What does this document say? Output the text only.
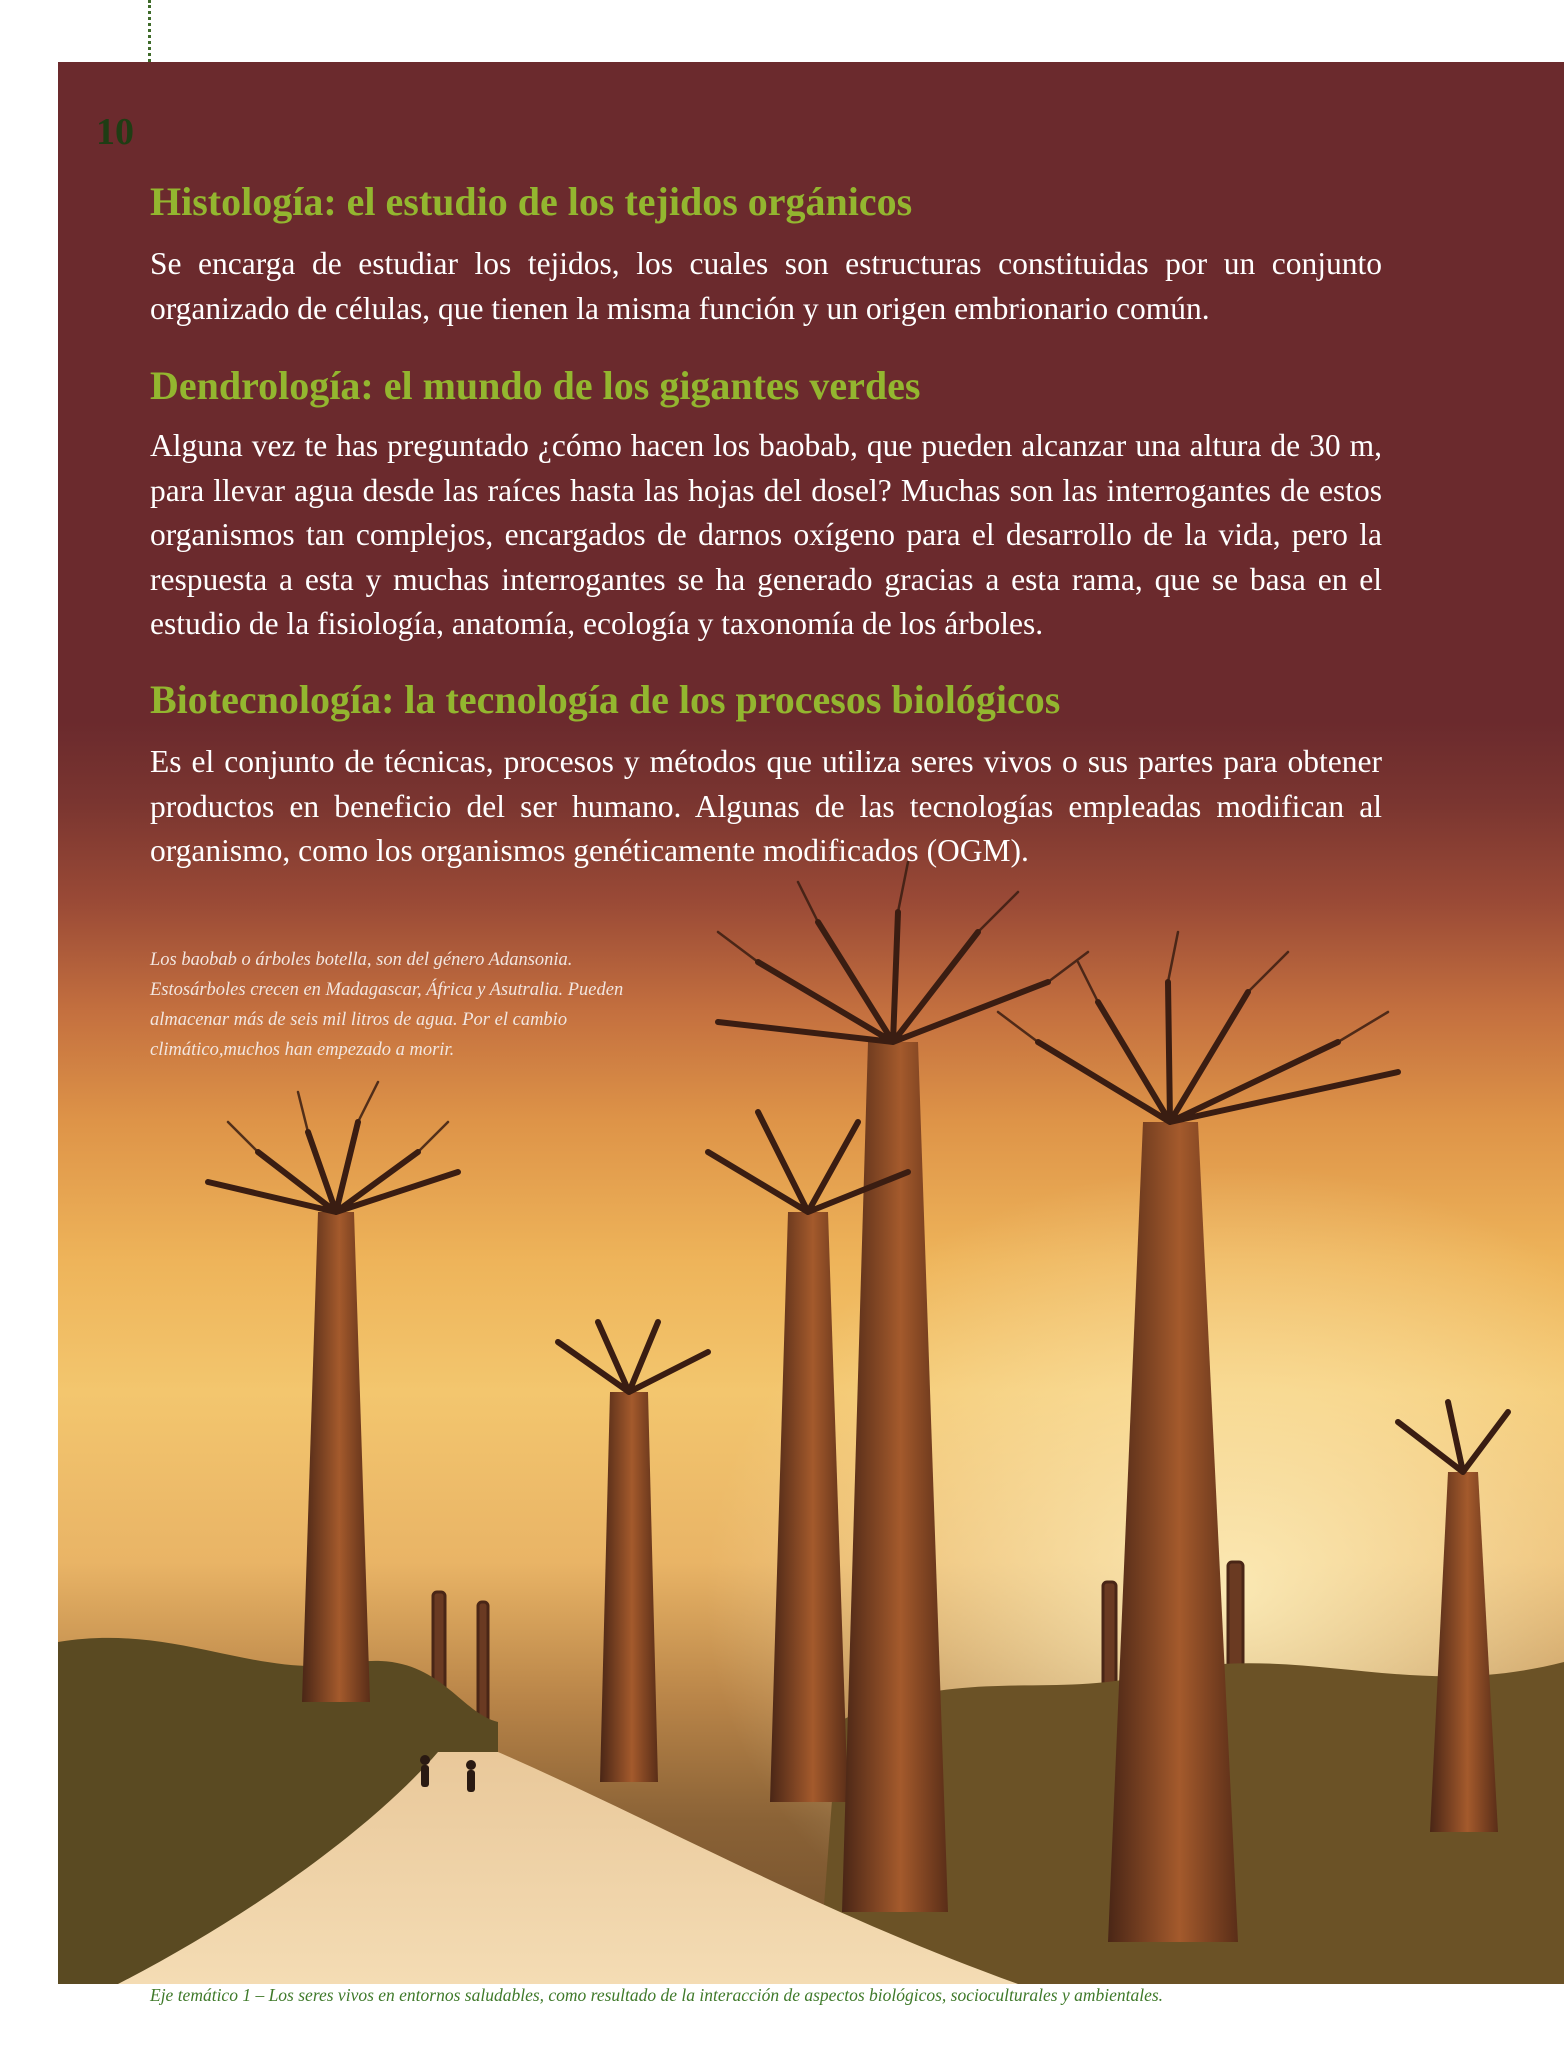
10
Histología: el estudio de los tejidos orgánicos

Se encarga de estudiar los tejidos, los cuales son estructuras constituidas por un conjunto organizado de células, que tienen la misma función y un origen embrionario común.

Dendrología: el mundo de los gigantes verdes

Alguna vez te has preguntado ¿cómo hacen los baobab, que pueden alcanzar una altura de 30 m, para llevar agua desde las raíces hasta las hojas del dosel? Muchas son las interrogantes de estos organismos tan complejos, encargados de darnos oxígeno para el desarrollo de la vida, pero la respuesta a esta y muchas interrogantes se ha generado gracias a esta rama, que se basa en el estudio de la fisiología, anatomía, ecología y taxonomía de los árboles.

Biotecnología: la tecnología de los procesos biológicos

Es el conjunto de técnicas, procesos y métodos que utiliza seres vivos o sus partes para obtener productos en beneficio del ser humano. Algunas de las tecnologías empleadas modifican al organismo, como los organismos genéticamente modificados (OGM).

Los baobab o árboles botella, son del género Adansonia. Estosárboles crecen en Madagascar, África y Asutralia. Pueden almacenar más de seis mil litros de agua. Por el cambio climático,muchos han empezado a morir.

Eje temático 1 – Los seres vivos en entornos saludables, como resultado de la interacción de aspectos biológicos, socioculturales y ambientales.
